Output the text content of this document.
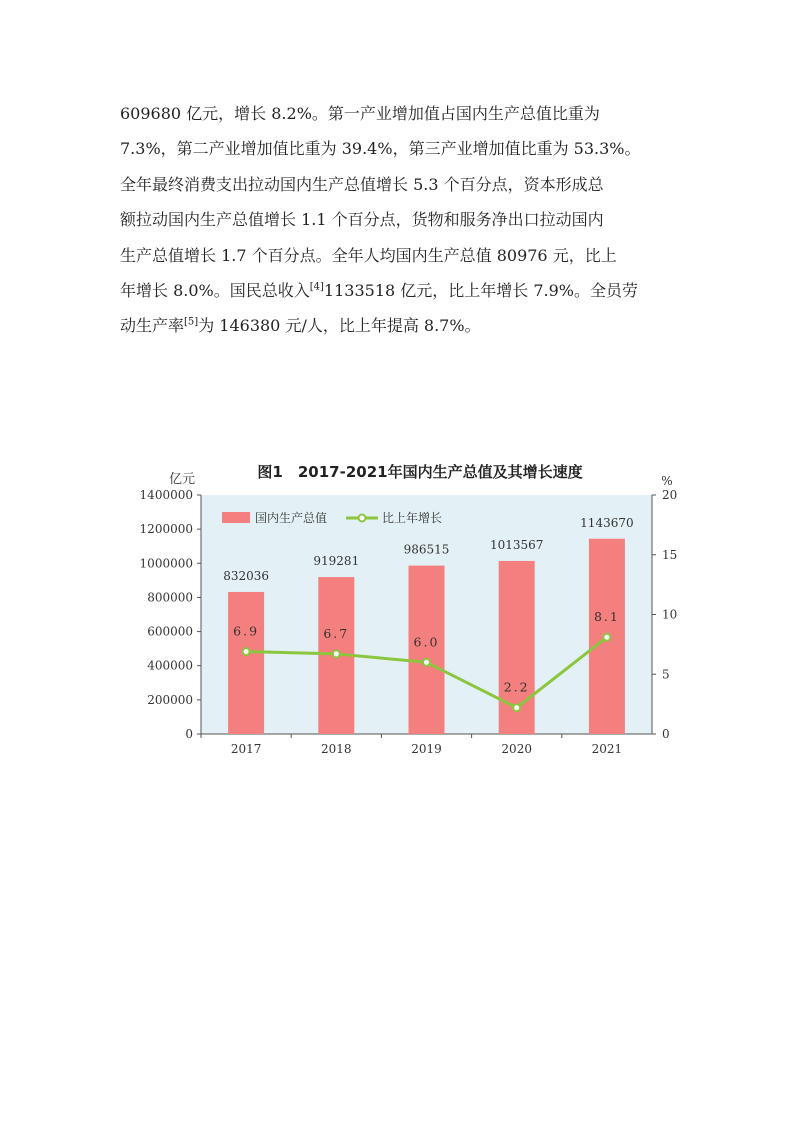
609680 亿元，增长 8.2%。第一产业增加值占国内生产总值比重为
7.3%，第二产业增加值比重为 39.4%，第三产业增加值比重为 53.3%。
全年最终消费支出拉动国内生产总值增长 5.3 个百分点，资本形成总
额拉动国内生产总值增长 1.1 个百分点，货物和服务净出口拉动国内
生产总值增长 1.7 个百分点。全年人均国内生产总值 80976 元，比上
年增长 8.0%。国民总收入[4]1133518 亿元，比上年增长 7.9%。全员劳
动生产率[5]为 146380 元/人，比上年提高 8.7%。
图1　2017-2021年国内生产总值及其增长速度
0
200000
400000
600000
800000
1000000
1200000
1400000
0
5
10
15
20
亿元	%
2017	2018	2019	2020	2021
832036
919281
986515	1013567
1143670
6.9	6.7
6.0
2.2
8.1
国内生产总值	比上年增长
